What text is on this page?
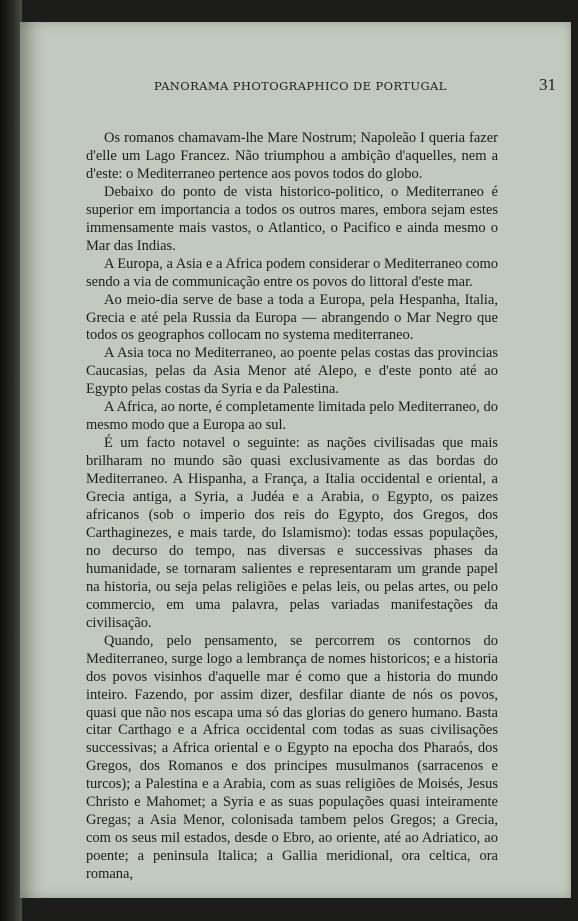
PANORAMA PHOTOGRAPHICO DE PORTUGAL	31

Os romanos chamavam-lhe Mare Nostrum; Napoleão I queria fazer d'elle um Lago Francez. Não triumphou a ambição d'aquelles, nem a d'este: o Mediterraneo pertence aos povos todos do globo.

Debaixo do ponto de vista historico-politico, o Mediterraneo é superior em importancia a todos os outros mares, embora sejam estes immensamente mais vastos, o Atlantico, o Pacifico e ainda mesmo o Mar das Indias.

A Europa, a Asia e a Africa podem considerar o Mediterraneo como sendo a via de communicação entre os povos do littoral d'este mar.

Ao meio-dia serve de base a toda a Europa, pela Hespanha, Italia, Grecia e até pela Russia da Europa — abrangendo o Mar Negro que todos os geographos collocam no systema mediterraneo.

A Asia toca no Mediterraneo, ao poente pelas costas das provincias Caucasias, pelas da Asia Menor até Alepo, e d'este ponto até ao Egypto pelas costas da Syria e da Palestina.

A Africa, ao norte, é completamente limitada pelo Mediterraneo, do mesmo modo que a Europa ao sul.

É um facto notavel o seguinte: as nações civilisadas que mais brilharam no mundo são quasi exclusivamente as das bordas do Mediterraneo. A Hispanha, a França, a Italia occidental e oriental, a Grecia antiga, a Syria, a Judéa e a Arabia, o Egypto, os paizes africanos (sob o imperio dos reis do Egypto, dos Gregos, dos Carthaginezes, e mais tarde, do Islamismo): todas essas populações, no decurso do tempo, nas diversas e successivas phases da humanidade, se tornaram salientes e representaram um grande papel na historia, ou seja pelas religiões e pelas leis, ou pelas artes, ou pelo commercio, em uma palavra, pelas variadas manifestações da civilisação.

Quando, pelo pensamento, se percorrem os contornos do Mediterraneo, surge logo a lembrança de nomes historicos; e a historia dos povos visinhos d'aquelle mar é como que a historia do mundo inteiro. Fazendo, por assim dizer, desfilar diante de nós os povos, quasi que não nos escapa uma só das glorias do genero humano. Basta citar Carthago e a Africa occidental com todas as suas civilisações successivas; a Africa oriental e o Egypto na epocha dos Pharaós, dos Gregos, dos Romanos e dos principes musulmanos (sarracenos e turcos); a Palestina e a Arabia, com as suas religiões de Moisés, Jesus Christo e Mahomet; a Syria e as suas populações quasi inteiramente Gregas; a Asia Menor, colonisada tambem pelos Gregos; a Grecia, com os seus mil estados, desde o Ebro, ao oriente, até ao Adriatico, ao poente; a peninsula Italica; a Gallia meridional, ora celtica, ora romana,
